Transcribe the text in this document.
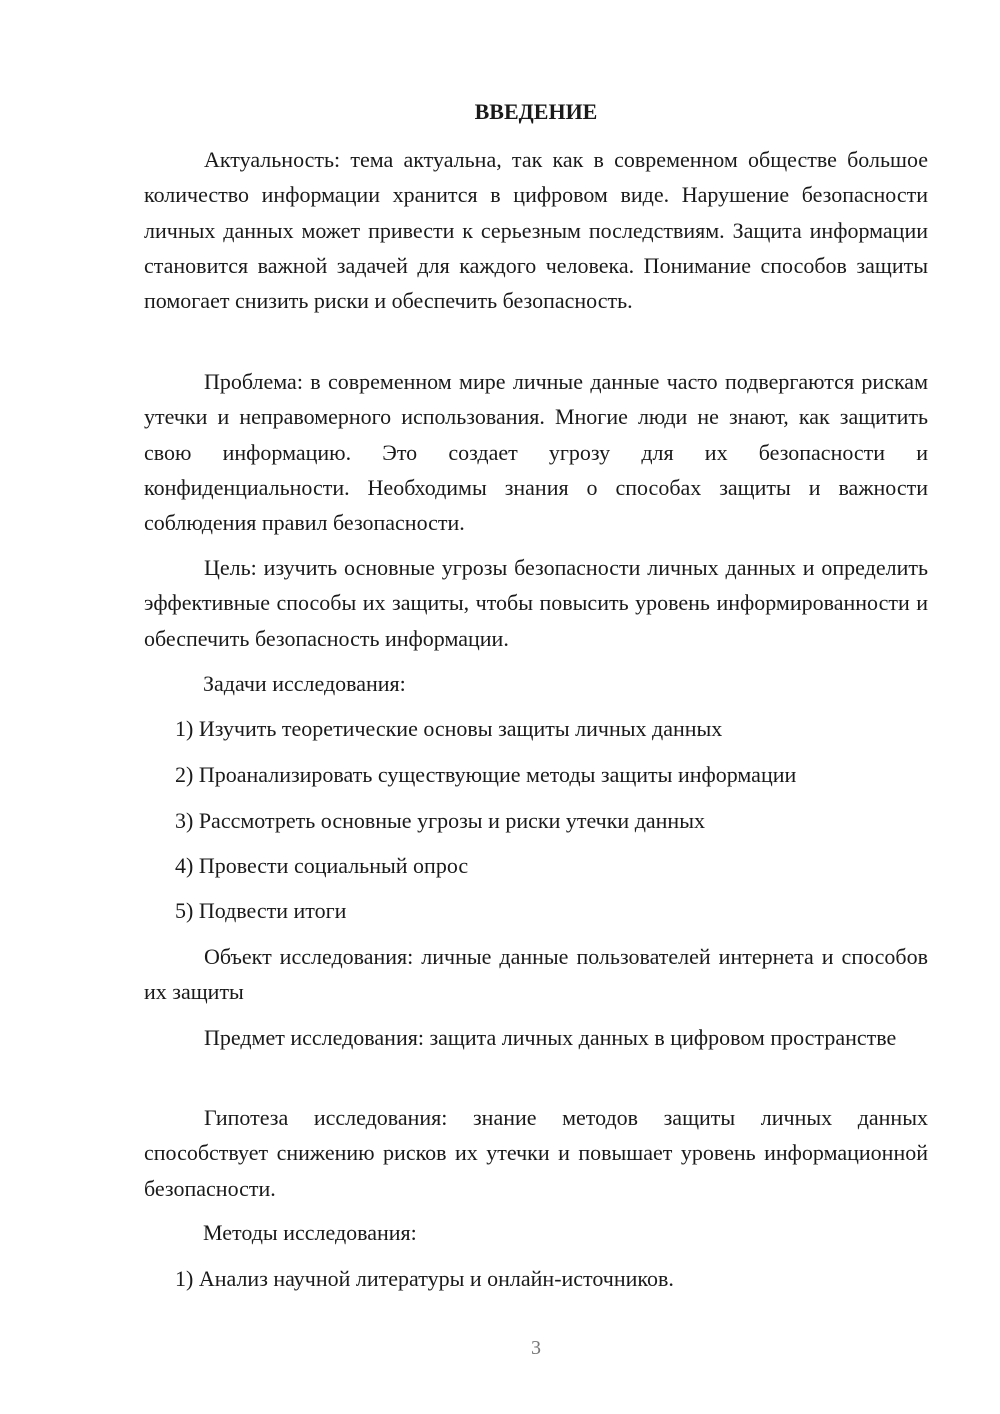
ВВЕДЕНИЕ

Актуальность: тема актуальна, так как в современном обществе большое количество информации хранится в цифровом виде. Нарушение безопасности личных данных может привести к серьезным последствиям. Защита информации становится важной задачей для каждого человека. Понимание способов защиты помогает снизить риски и обеспечить безопасность.

Проблема: в современном мире личные данные часто подвергаются рискам утечки и неправомерного использования. Многие люди не знают, как защитить свою информацию. Это создает угрозу для их безопасности и конфиденциальности. Необходимы знания о способах защиты и важности соблюдения правил безопасности.

Цель: изучить основные угрозы безопасности личных данных и определить эффективные способы их защиты, чтобы повысить уровень информированности и обеспечить безопасность информации.

Задачи исследования:

1) Изучить теоретические основы защиты личных данных

2) Проанализировать существующие методы защиты информации

3) Рассмотреть основные угрозы и риски утечки данных

4) Провести социальный опрос

5) Подвести итоги

Объект исследования: личные данные пользователей интернета и способов их защиты

Предмет исследования: защита личных данных в цифровом пространстве

Гипотеза исследования: знание методов защиты личных данных способствует снижению рисков их утечки и повышает уровень информационной безопасности.

Методы исследования:

1) Анализ научной литературы и онлайн-источников.

3
